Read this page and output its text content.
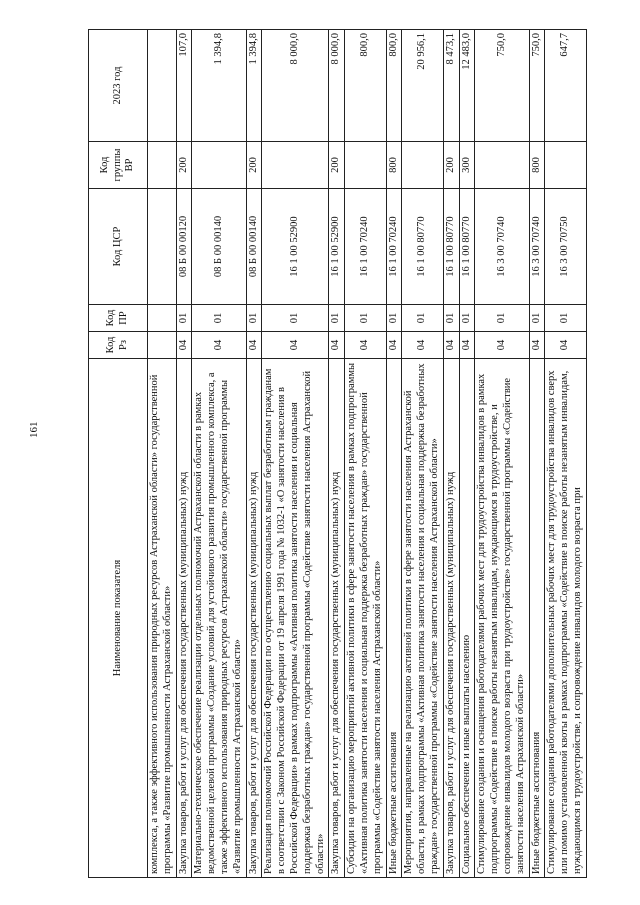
161
Наименование показателя	Код Рз	Код ПР	Код ЦСР	Код группы ВР	2023 год
комплекса, а также эффективного использования природных ресурсов Астраханской области» государственной программы «Развитие промышленности Астраханской области»					
Закупка товаров, работ и услуг для обеспечения государственных (муниципальных) нужд	04	01	08 Б 00 00120	200	107,0
Материально-техническое обеспечение реализации отдельных полномочий Астраханской области в рамках ведомственной целевой программы «Создание условий для устойчивого развития промышленного комплекса, а также эффективного использования природных ресурсов Астраханской области» государственной программы «Развитие промышленности Астраханской области»	04	01	08 Б 00 00140		1 394,8
Закупка товаров, работ и услуг для обеспечения государственных (муниципальных) нужд	04	01	08 Б 00 00140	200	1 394,8
Реализация полномочий Российской Федерации по осуществлению социальных выплат безработным гражданам в соответствии с Законом Российской Федерации от 19 апреля 1991 года № 1032-1 «О занятости населения в Российской Федерации» в рамках подпрограммы «Активная политика занятости населения и социальная поддержка безработных граждан» государственной программы «Содействие занятости населения Астраханской области»	04	01	16 1 00 52900		8 000,0
Закупка товаров, работ и услуг для обеспечения государственных (муниципальных) нужд	04	01	16 1 00 52900	200	8 000,0
Субсидии на организацию мероприятий активной политики в сфере занятости населения в рамках подпрограммы «Активная политика занятости населения и социальная поддержка безработных граждан» государственной программы «Содействие занятости населения Астраханской области»	04	01	16 1 00 70240		800,0
Иные бюджетные ассигнования	04	01	16 1 00 70240	800	800,0
Мероприятия, направленные на реализацию активной политики в сфере занятости населения Астраханской области, в рамках подпрограммы «Активная политика занятости населения и социальная поддержка безработных граждан» государственной программы «Содействие занятости населения Астраханской области»	04	01	16 1 00 80770		20 956,1
Закупка товаров, работ и услуг для обеспечения государственных (муниципальных) нужд	04	01	16 1 00 80770	200	8 473,1
Социальное обеспечение и иные выплаты населению	04	01	16 1 00 80770	300	12 483,0
Стимулирование создания и оснащения работодателями рабочих мест для трудоустройства инвалидов в рамках подпрограммы «Содействие в поиске работы незанятым инвалидам, нуждающимся в трудоустройстве, и сопровождение инвалидов молодого возраста при трудоустройстве» государственной программы «Содействие занятости населения Астраханской области»	04	01	16 3 00 70740		750,0
Иные бюджетные ассигнования	04	01	16 3 00 70740	800	750,0
Стимулирование создания работодателями дополнительных рабочих мест для трудоустройства инвалидов сверх или помимо установленной квоты в рамках подпрограммы «Содействие в поиске работы незанятым инвалидам, нуждающимся в трудоустройстве, и сопровождение инвалидов молодого возраста при	04	01	16 3 00 70750		647,7
